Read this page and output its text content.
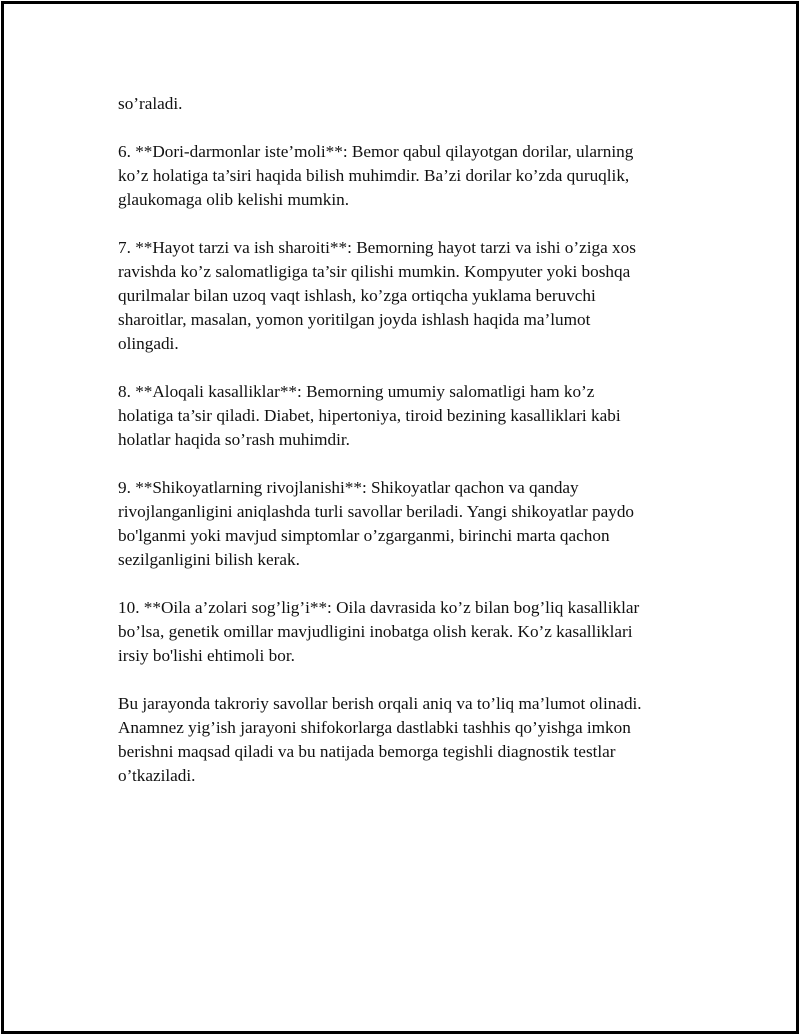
so’raladi.

6. **Dori-darmonlar iste’moli**: Bemor qabul qilayotgan dorilar, ularning
ko’z holatiga ta’siri haqida bilish muhimdir. Ba’zi dorilar ko’zda quruqlik,
glaukomaga olib kelishi mumkin.

7. **Hayot tarzi va ish sharoiti**: Bemorning hayot tarzi va ishi o’ziga xos
ravishda ko’z salomatligiga ta’sir qilishi mumkin. Kompyuter yoki boshqa
qurilmalar bilan uzoq vaqt ishlash, ko’zga ortiqcha yuklama beruvchi
sharoitlar, masalan, yomon yoritilgan joyda ishlash haqida ma’lumot
olingadi.

8. **Aloqali kasalliklar**: Bemorning umumiy salomatligi ham ko’z
holatiga ta’sir qiladi. Diabet, hipertoniya, tiroid bezining kasalliklari kabi
holatlar haqida so’rash muhimdir.

9. **Shikoyatlarning rivojlanishi**: Shikoyatlar qachon va qanday
rivojlanganligini aniqlashda turli savollar beriladi. Yangi shikoyatlar paydo
bo'lganmi yoki mavjud simptomlar o’zgarganmi, birinchi marta qachon
sezilganligini bilish kerak.

10. **Oila a’zolari sog’lig’i**: Oila davrasida ko’z bilan bog’liq kasalliklar
bo’lsa, genetik omillar mavjudligini inobatga olish kerak. Ko’z kasalliklari
irsiy bo'lishi ehtimoli bor.

Bu jarayonda takroriy savollar berish orqali aniq va to’liq ma’lumot olinadi.
Anamnez yig’ish jarayoni shifokorlarga dastlabki tashhis qo’yishga imkon
berishni maqsad qiladi va bu natijada bemorga tegishli diagnostik testlar
o’tkaziladi.
